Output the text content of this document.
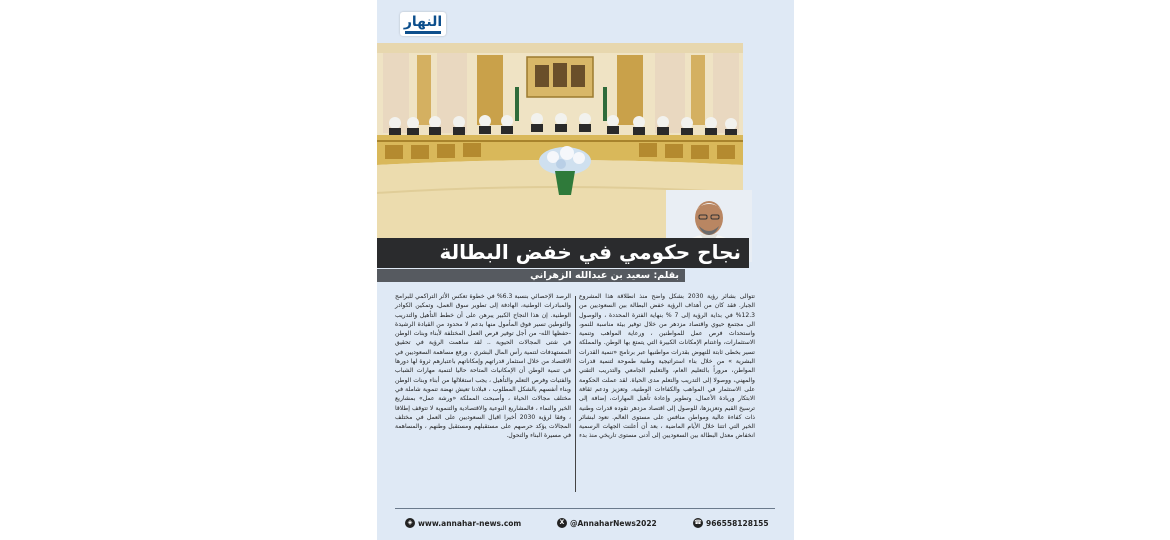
النهار
نجاح حكومي في خفض البطالة
بقلم: سعيد بن عبدالله الزهراني
تتوالى بشائر رؤية 2030 بشكل واضح منذ انطلاقة هذا المشروع الجبار. فقد كان من أهداف الرؤية خفض البطالة بين السعوديين من 12.3% في بداية الرؤية إلى 7 % بنهاية الفترة المحددة ، والوصول الى مجتمع حيوي واقتصاد مزدهر من خلال توفير بيئة مناسبة للنمو، واستحداث فرص عمل للمواطنين ، ورعاية المواهب وتنمية الاستثمارات، واغتنام الإمكانات الكبيرة التي يتمتع بها الوطن. والمملكة تسير بخطى ثابتة للنهوض بقدرات مواطنيها عبر برنامج «تنمية القدرات البشرية » من خلال بناء استراتيجية وطنية طموحة لتنمية قدرات المواطن، مروراً بالتعليم العام، والتعليم الجامعي والتدريب التقني والمهني، ووصولا إلى التدريب والتعلم مدى الحياة. لقد عملت الحكومة على الاستثمار في المواهب والكفاءات الوطنية، وتعزيز ودعم ثقافة الابتكار وريادة الأعمال، وتطوير وإعادة تأهيل المهارات، إضافة إلى ترسيخ القيم وتعزيزها، للوصول إلى اقتصاد مزدهر تقوده قدرات وطنية ذات كفاءة عالية ومواطن منافس على مستوى العالم. نعود لبشائر الخير التي اتتنا خلال الأيام الماضية ، بعد أن أعلنت الجهات الرسمية انخفاض معدل البطالة بين السعوديين إلى أدنى مستوى تاريخي منذ بدء
الرصد الإحصائي بنسبة 6.3% في خطوة تعكس الأثر التراكمي للبرامج والمبادرات الوطنية، الهادفة إلى تطوير سوق العمل، وتمكين الكوادر الوطنية. إن هذا النجاح الكبير يبرهن على أن خطط التأهيل والتدريب والتوطين تسير فوق المأمول منها بدعم لا محدود من القيادة الرشيدة -حفظها الله- من أجل توفير فرص العمل المختلفة لأبناء وبنات الوطن في شتى المجالات الحيوية .. لقد ساهمت الرؤية في تحقيق المستهدفات لتنمية رأس المال البشري ، ورفع مساهمة السعوديين في الاقتصاد من خلال استثمار قدراتهم وإمكاناتهم باعتبارهم ثروة لها دورها في تنمية الوطن أن الإمكانيات المتاحة حاليا لتنمية مهارات الشباب والفتيات وفرص التعلم والتأهيل ، يجب استغلالها من أبناء وبنات الوطن وبناء أنفسهم بالشكل المطلوب ، فبلادنا تعيش نهضة تنموية شاملة في مختلف مجالات الحياة ، وأصبحت المملكة «ورشة عمل» بمشاريع الخير والنماء ، فالمشاريع النوعية والاقتصادية والتنموية لا تتوقف إطلاقا ، وفقا لرؤية 2030 أخيرا اقبال السعوديين على العمل في مختلف المجالات يؤكد حرصهم على مستقبلهم ومستقبل وطنهم ، والمساهمة في مسيرة البناء والتحول.
◈ www.annahar-news.com	X @AnnaharNews2022	☎ 966558128155
